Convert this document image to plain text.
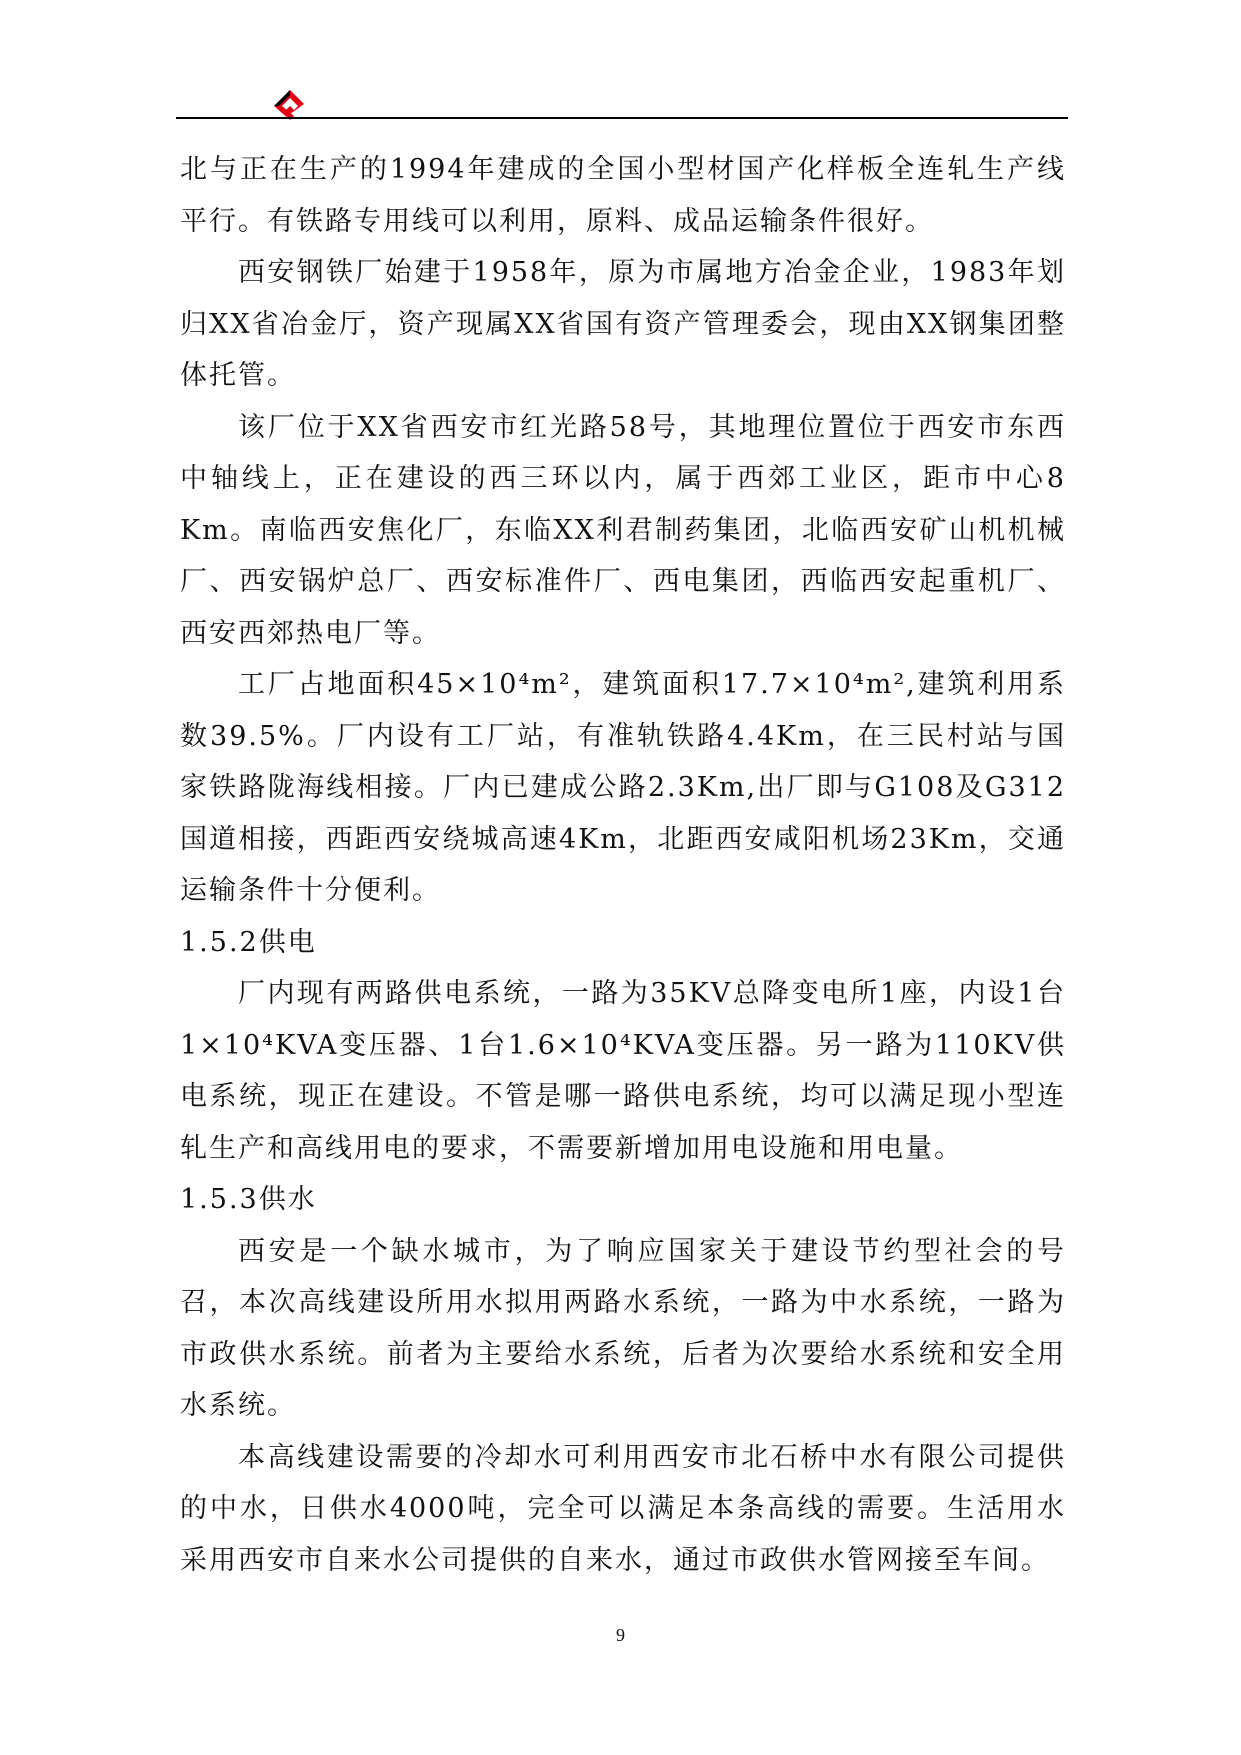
北与正在生产的1994年建成的全国小型材国产化样板全连轧生产线平行。有铁路专用线可以利用，原料、成品运输条件很好。

西安钢铁厂始建于1958年，原为市属地方冶金企业，1983年划归XX省冶金厅，资产现属XX省国有资产管理委会，现由XX钢集团整体托管。

该厂位于XX省西安市红光路58号，其地理位置位于西安市东西中轴线上，正在建设的西三环以内，属于西郊工业区，距市中心8 Km。南临西安焦化厂，东临XX利君制药集团，北临西安矿山机机械厂、西安锅炉总厂、西安标准件厂、西电集团，西临西安起重机厂、西安西郊热电厂等。

工厂占地面积45×10⁴m²，建筑面积17.7×10⁴m²,建筑利用系数39.5%。厂内设有工厂站，有准轨铁路4.4Km，在三民村站与国家铁路陇海线相接。厂内已建成公路2.3Km,出厂即与G108及G312国道相接，西距西安绕城高速4Km，北距西安咸阳机场23Km，交通运输条件十分便利。

1.5.2供电

厂内现有两路供电系统，一路为35KV总降变电所1座，内设1台1×10⁴KVA变压器、1台1.6×10⁴KVA变压器。另一路为110KV供电系统，现正在建设。不管是哪一路供电系统，均可以满足现小型连轧生产和高线用电的要求，不需要新增加用电设施和用电量。

1.5.3供水

西安是一个缺水城市，为了响应国家关于建设节约型社会的号召，本次高线建设所用水拟用两路水系统，一路为中水系统，一路为市政供水系统。前者为主要给水系统，后者为次要给水系统和安全用水系统。

本高线建设需要的冷却水可利用西安市北石桥中水有限公司提供的中水，日供水4000吨，完全可以满足本条高线的需要。生活用水采用西安市自来水公司提供的自来水，通过市政供水管网接至车间。

9
